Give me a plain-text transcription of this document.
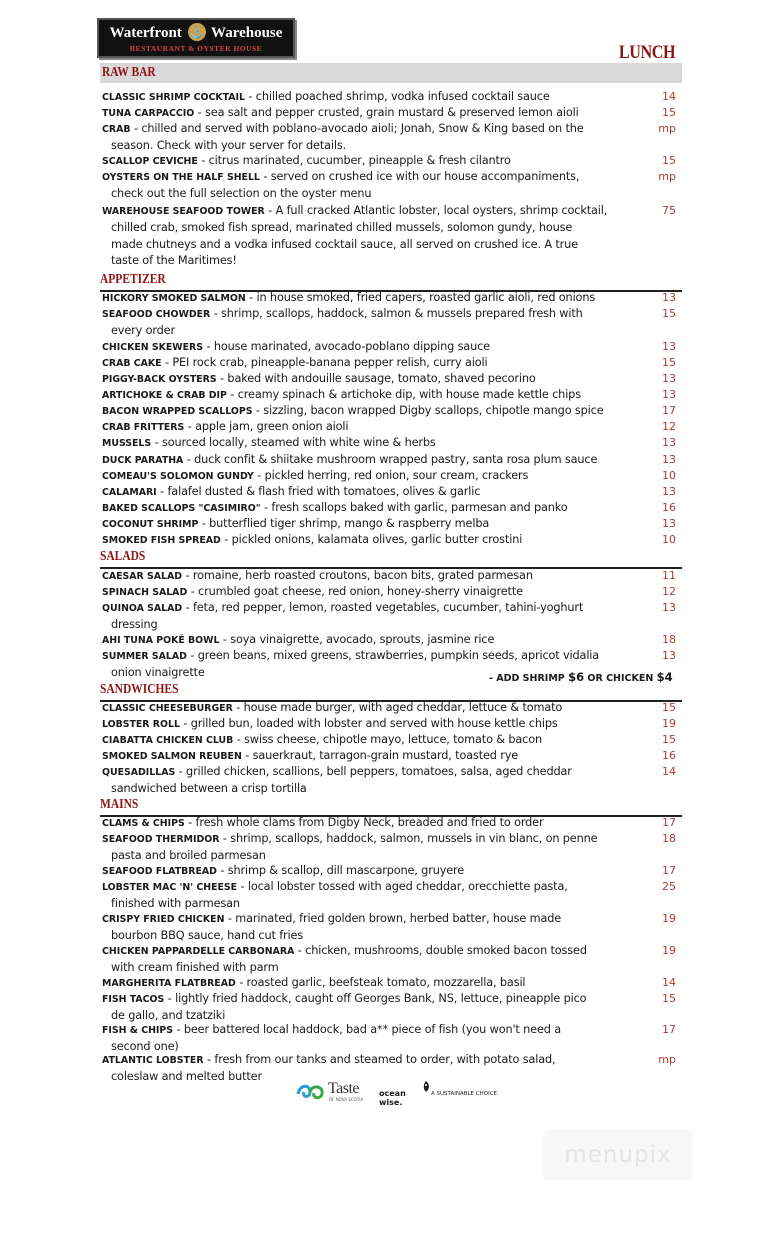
Waterfront ⚓ Warehouse
RESTAURANT & OYSTER HOUSE	LUNCH
RAW BAR
CLASSIC SHRIMP COCKTAIL - chilled poached shrimp, vodka infused cocktail sauce	14
TUNA CARPACCIO - sea salt and pepper crusted, grain mustard & preserved lemon aioli	15
CRAB - chilled and served with poblano-avocado aioli; Jonah, Snow & King based on the
season. Check with your server for details.
mp
SCALLOP CEVICHE - citrus marinated, cucumber, pineapple & fresh cilantro	15
OYSTERS ON THE HALF SHELL - served on crushed ice with our house accompaniments,
check out the full selection on the oyster menu
mp
WAREHOUSE SEAFOOD TOWER - A full cracked Atlantic lobster, local oysters, shrimp cocktail,
chilled crab, smoked fish spread, marinated chilled mussels, solomon gundy, house made chutneys and a vodka infused cocktail sauce, all served on crushed ice. A true taste of the Maritimes!
75
APPETIZER
HICKORY SMOKED SALMON - in house smoked, fried capers, roasted garlic aioli, red onions	13
SEAFOOD CHOWDER - shrimp, scallops, haddock, salmon & mussels prepared fresh with
every order
15
CHICKEN SKEWERS - house marinated, avocado-poblano dipping sauce	13
CRAB CAKE - PEI rock crab, pineapple-banana pepper relish, curry aioli	15
PIGGY-BACK OYSTERS - baked with andouille sausage, tomato, shaved pecorino	13
ARTICHOKE & CRAB DIP - creamy spinach & artichoke dip, with house made kettle chips	13
BACON WRAPPED SCALLOPS - sizzling, bacon wrapped Digby scallops, chipotle mango spice	17
CRAB FRITTERS - apple jam, green onion aioli	12
MUSSELS - sourced locally, steamed with white wine & herbs	13
DUCK PARATHA - duck confit & shiitake mushroom wrapped pastry, santa rosa plum sauce	13
COMEAU'S SOLOMON GUNDY - pickled herring, red onion, sour cream, crackers	10
CALAMARI - falafel dusted & flash fried with tomatoes, olives & garlic	13
BAKED SCALLOPS "CASIMIRO" - fresh scallops baked with garlic, parmesan and panko	16
COCONUT SHRIMP - butterflied tiger shrimp, mango & raspberry melba	13
SMOKED FISH SPREAD - pickled onions, kalamata olives, garlic butter crostini	10
SALADS
CAESAR SALAD - romaine, herb roasted croutons, bacon bits, grated parmesan	11
SPINACH SALAD - crumbled goat cheese, red onion, honey-sherry vinaigrette	12
QUINOA SALAD - feta, red pepper, lemon, roasted vegetables, cucumber, tahini-yoghurt
dressing
13
AHI TUNA POKÉ BOWL - soya vinaigrette, avocado, sprouts, jasmine rice	18
SUMMER SALAD - green beans, mixed greens, strawberries, pumpkin seeds, apricot vidalia
onion vinaigrette
13
- ADD SHRIMP $6 OR CHICKEN $4
SANDWICHES
CLASSIC CHEESEBURGER - house made burger, with aged cheddar, lettuce & tomato	15
LOBSTER ROLL - grilled bun, loaded with lobster and served with house kettle chips	19
CIABATTA CHICKEN CLUB - swiss cheese, chipotle mayo, lettuce, tomato & bacon	15
SMOKED SALMON REUBEN - sauerkraut, tarragon-grain mustard, toasted rye	16
QUESADILLAS - grilled chicken, scallions, bell peppers, tomatoes, salsa, aged cheddar
sandwiched between a crisp tortilla
14
MAINS
CLAMS & CHIPS - fresh whole clams from Digby Neck, breaded and fried to order	17
SEAFOOD THERMIDOR - shrimp, scallops, haddock, salmon, mussels in vin blanc, on penne
pasta and broiled parmesan
18
SEAFOOD FLATBREAD - shrimp & scallop, dill mascarpone, gruyere	17
LOBSTER MAC 'N' CHEESE - local lobster tossed with aged cheddar, orecchiette pasta,
finished with parmesan
25
CRISPY FRIED CHICKEN - marinated, fried golden brown, herbed batter, house made
bourbon BBQ sauce, hand cut fries
19
CHICKEN PAPPARDELLE CARBONARA - chicken, mushrooms, double smoked bacon tossed
with cream finished with parm
19
MARGHERITA FLATBREAD - roasted garlic, beefsteak tomato, mozzarella, basil	14
FISH TACOS - lightly fried haddock, caught off Georges Bank, NS, lettuce, pineapple pico
de gallo, and tzatziki
15
FISH & CHIPS - beer battered local haddock, bad a** piece of fish (you won't need a
second one)
17
ATLANTIC LOBSTER - fresh from our tanks and steamed to order, with potato salad,
coleslaw and melted butter
mp
Taste
OF NOVA SCOTIA
ocean wise.
A SUSTAINABLE CHOICE
menupix
